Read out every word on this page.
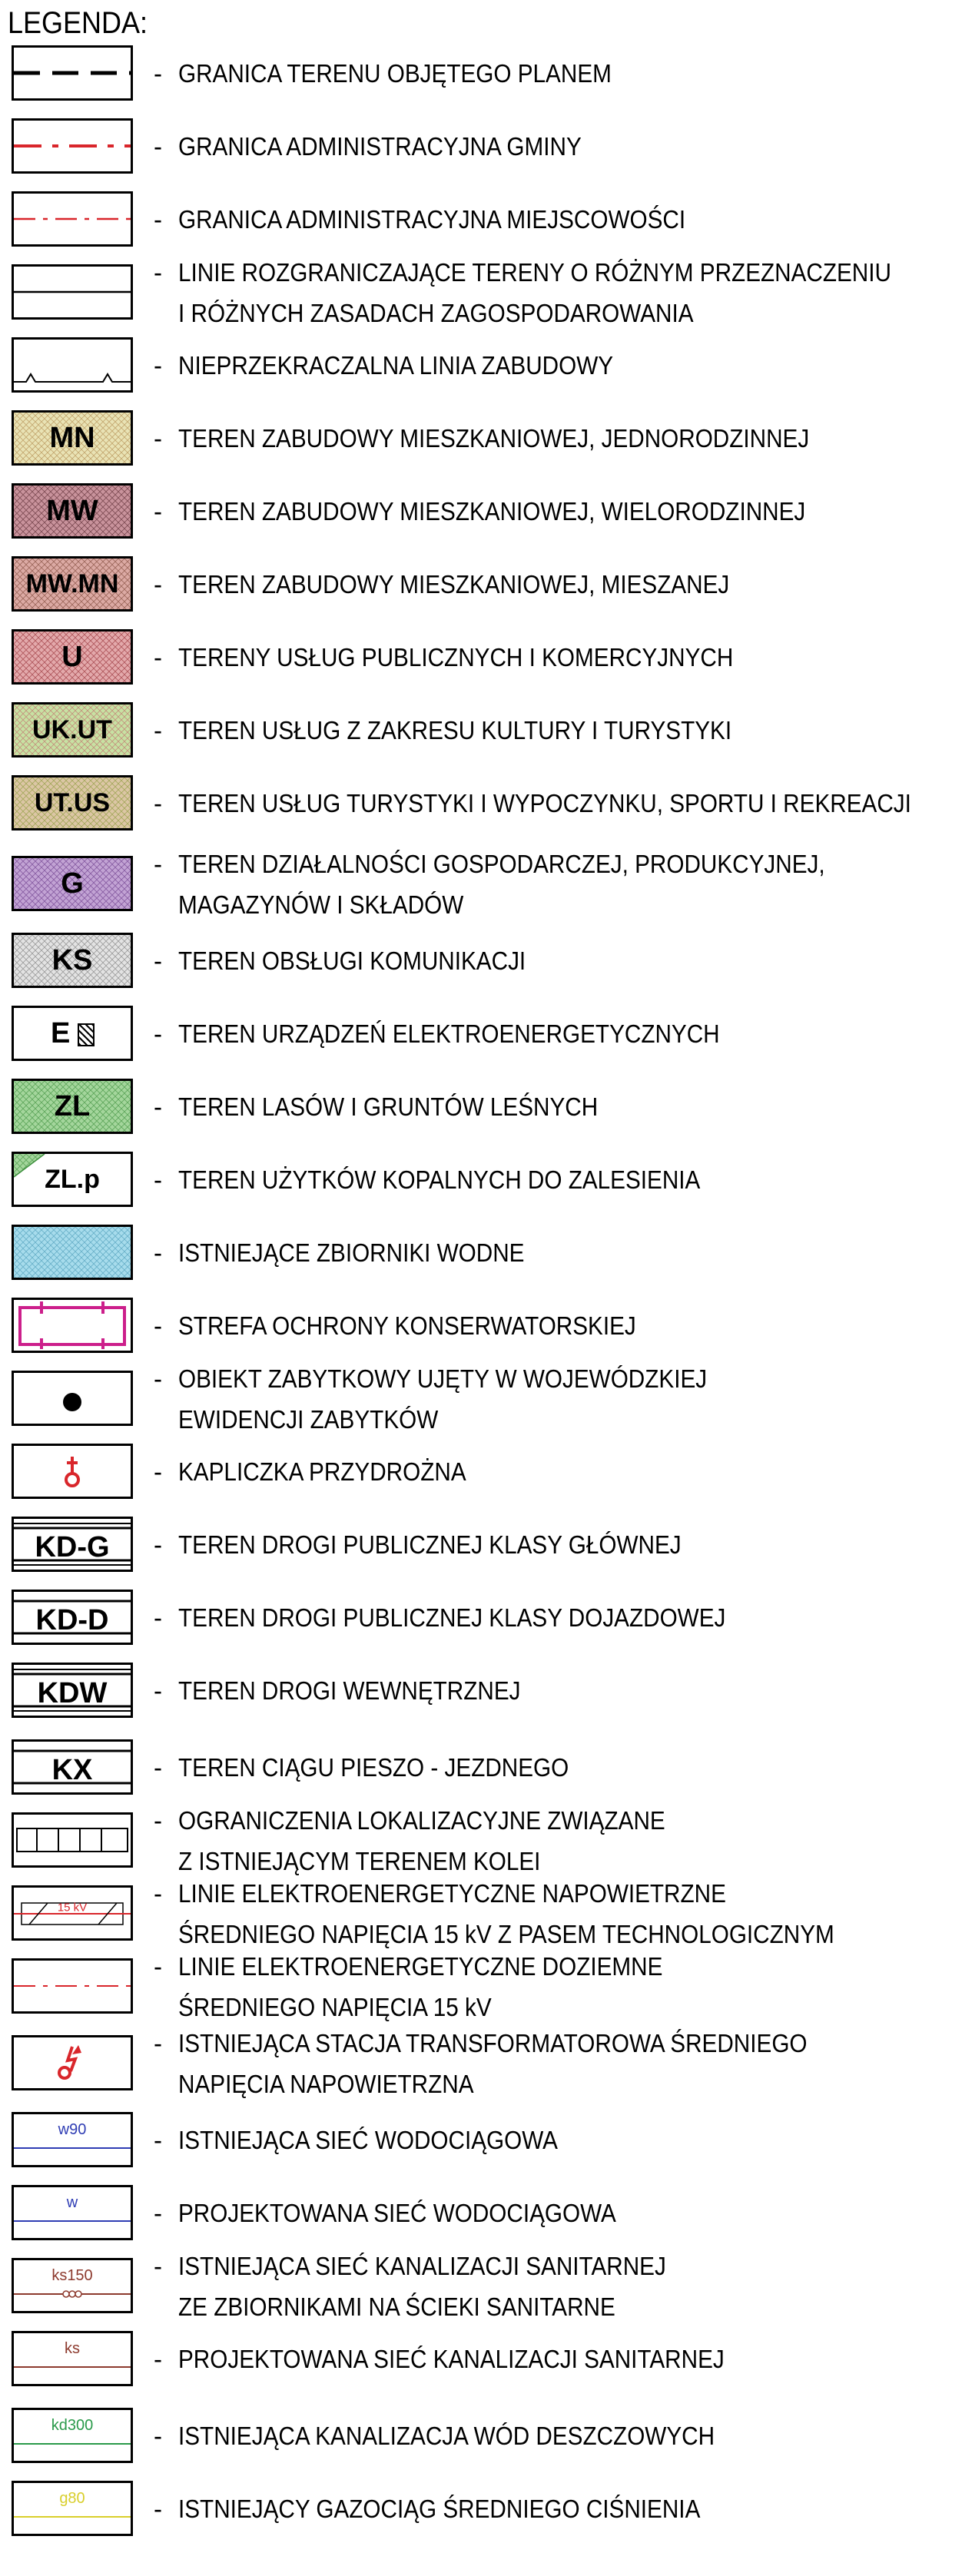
LEGENDA:
- GRANICA TERENU OBJĘTEGO PLANEM
- GRANICA ADMINISTRACYJNA GMINY
- GRANICA ADMINISTRACYJNA MIEJSCOWOŚCI
- LINIE ROZGRANICZAJĄCE TERENY O RÓŻNYM PRZEZNACZENIU
I RÓŻNYCH ZASADACH ZAGOSPODAROWANIA
- NIEPRZEKRACZALNA LINIA ZABUDOWY
MN	- TEREN ZABUDOWY MIESZKANIOWEJ, JEDNORODZINNEJ
MW	- TEREN ZABUDOWY MIESZKANIOWEJ, WIELORODZINNEJ
MW.MN	- TEREN ZABUDOWY MIESZKANIOWEJ, MIESZANEJ
U	- TERENY USŁUG PUBLICZNYCH I KOMERCYJNYCH
UK.UT	- TEREN USŁUG Z ZAKRESU KULTURY I TURYSTYKI
UT.US	- TEREN USŁUG TURYSTYKI I WYPOCZYNKU, SPORTU I REKREACJI
G
- TEREN DZIAŁALNOŚCI GOSPODARCZEJ, PRODUKCYJNEJ,
MAGAZYNÓW I SKŁADÓW
KS	- TEREN OBSŁUGI KOMUNIKACJI
E	- TEREN URZĄDZEŃ ELEKTROENERGETYCZNYCH
ZL	- TEREN LASÓW I GRUNTÓW LEŚNYCH
ZL.p	- TEREN UŻYTKÓW KOPALNYCH DO ZALESIENIA
- ISTNIEJĄCE ZBIORNIKI WODNE
- STREFA OCHRONY KONSERWATORSKIEJ
- OBIEKT ZABYTKOWY UJĘTY W WOJEWÓDZKIEJ
EWIDENCJI ZABYTKÓW
- KAPLICZKA PRZYDROŻNA
KD-G	- TEREN DROGI PUBLICZNEJ KLASY GŁÓWNEJ
KD-D	- TEREN DROGI PUBLICZNEJ KLASY DOJAZDOWEJ
KDW	- TEREN DROGI WEWNĘTRZNEJ
KX	- TEREN CIĄGU PIESZO - JEZDNEGO
- OGRANICZENIA LOKALIZACYJNE ZWIĄZANE
Z ISTNIEJĄCYM TERENEM KOLEI
15 kV
- LINIE ELEKTROENERGETYCZNE NAPOWIETRZNE
ŚREDNIEGO NAPIĘCIA 15 kV Z PASEM TECHNOLOGICZNYM
- LINIE ELEKTROENERGETYCZNE DOZIEMNE
ŚREDNIEGO NAPIĘCIA 15 kV
- ISTNIEJĄCA STACJA TRANSFORMATOROWA ŚREDNIEGO
NAPIĘCIA NAPOWIETRZNA
w90	- ISTNIEJĄCA SIEĆ WODOCIĄGOWA
w	- PROJEKTOWANA SIEĆ WODOCIĄGOWA
ks150	- ISTNIEJĄCA SIEĆ KANALIZACJI SANITARNEJ
ZE ZBIORNIKAMI NA ŚCIEKI SANITARNE
ks	- PROJEKTOWANA SIEĆ KANALIZACJI SANITARNEJ
kd300	- ISTNIEJĄCA KANALIZACJA WÓD DESZCZOWYCH
g80	- ISTNIEJĄCY GAZOCIĄG ŚREDNIEGO CIŚNIENIA
